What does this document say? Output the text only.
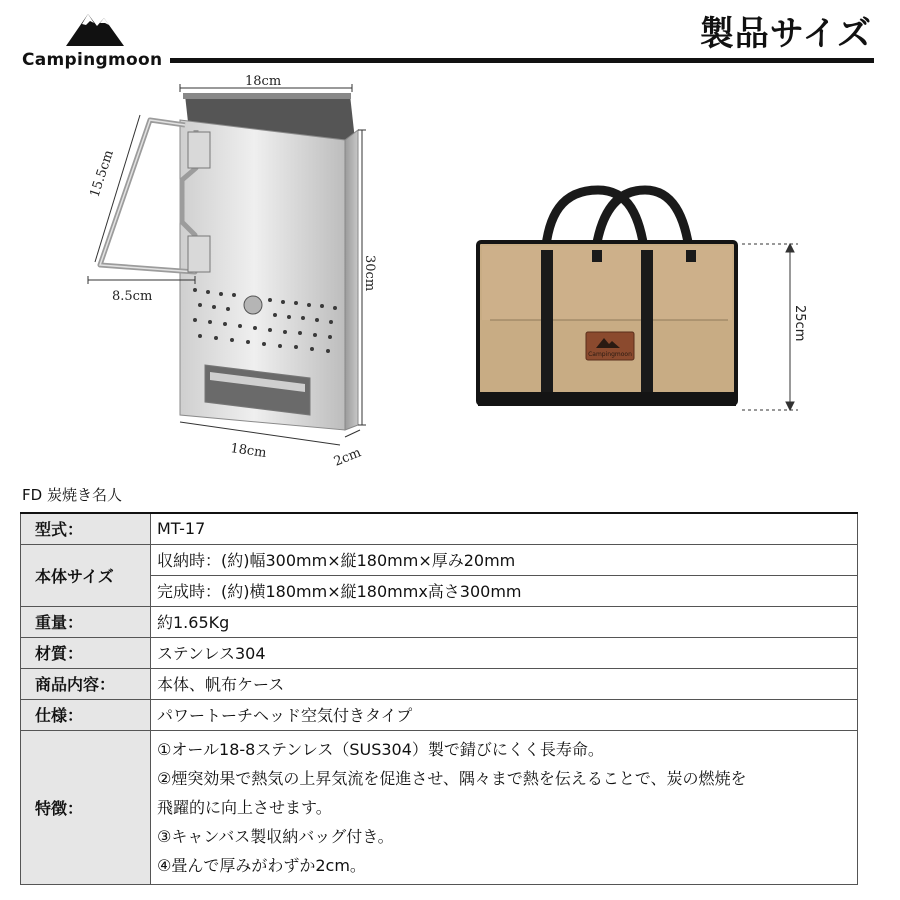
Campingmoon
製品サイズ
18cm
15.5cm
8.5cm
30cm
18cm	2cm
Campingmoon
25cm
FD 炭焼き名人
型式：	MT-17
本体サイズ	収納時：(約)幅300mm×縦180mm×厚み20mm
	完成時：(約)横180mm×縦180mmx高さ300mm
重量：	約1.65Kg
材質：	ステンレス304
商品内容：	本体、帆布ケース
仕様：	パワートーチヘッド空気付きタイプ
特徴：	①オール18-8ステンレス（SUS304）製で錆びにくく長寿命。
②煙突効果で熱気の上昇気流を促進させ、隅々まで熱を伝えることで、炭の燃焼を
飛躍的に向上させます。
③キャンバス製収納バッグ付き。
④畳んで厚みがわずか2cm。
